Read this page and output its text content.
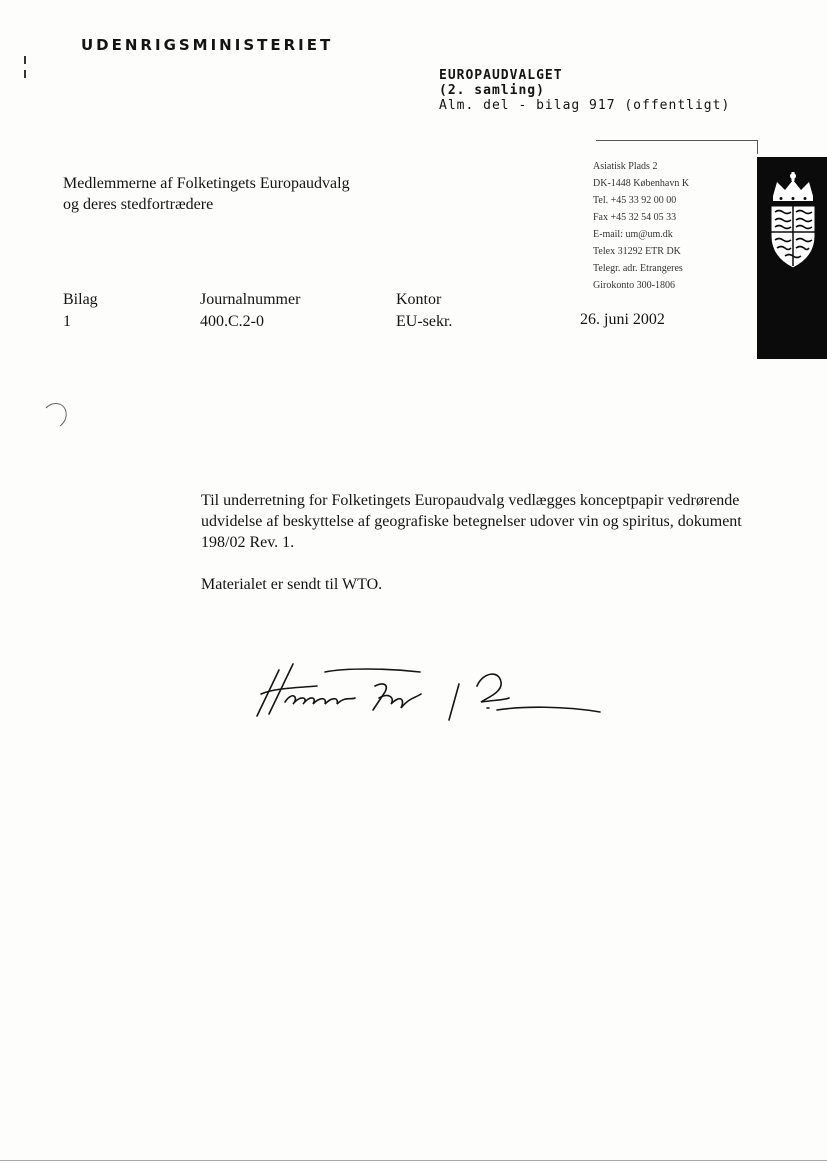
UDENRIGSMINISTERIET
EUROPAUDVALGET
(2. samling)
Alm. del - bilag 917 (offentligt)
Medlemmerne af Folketingets Europaudvalg
og deres stedfortrædere
Asiatisk Plads 2
DK-1448 København K
Tel. +45 33 92 00 00
Fax +45 32 54 05 33
E-mail: um@um.dk
Telex 31292 ETR DK
Telegr. adr. Etrangeres
Girokonto 300-1806
Bilag
1
Journalnummer
400.C.2-0
Kontor
EU-sekr.	26. juni 2002

Til underretning for Folketingets Europaudvalg vedlægges konceptpapir vedrørende udvidelse af beskyttelse af geografiske betegnelser udover vin og spiritus, dokument 198/02 Rev. 1.

Materialet er sendt til WTO.
